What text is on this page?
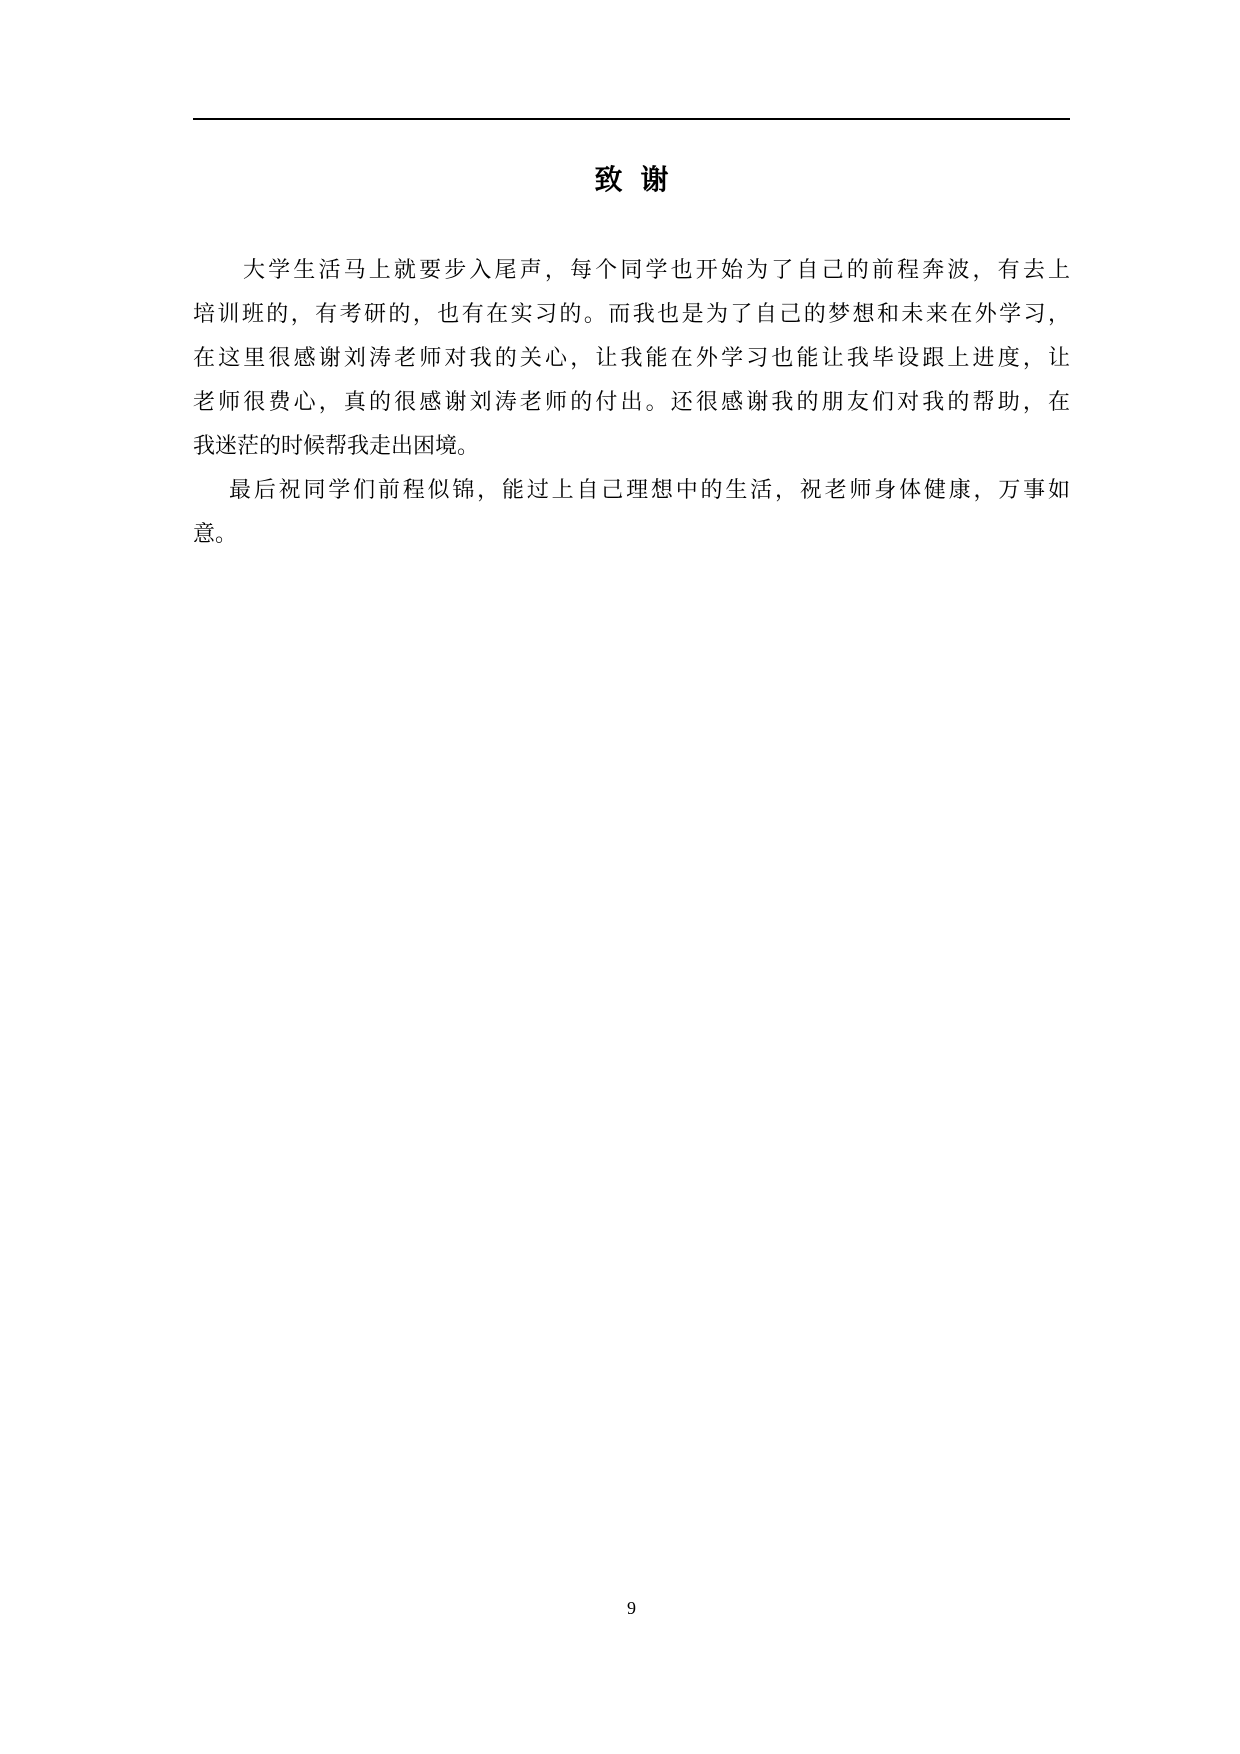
致 谢
大学生活马上就要步入尾声，每个同学也开始为了自己的前程奔波，有去上
培训班的，有考研的，也有在实习的。而我也是为了自己的梦想和未来在外学习，
在这里很感谢刘涛老师对我的关心，让我能在外学习也能让我毕设跟上进度，让
老师很费心，真的很感谢刘涛老师的付出。还很感谢我的朋友们对我的帮助，在
我迷茫的时候帮我走出困境。
最后祝同学们前程似锦，能过上自己理想中的生活，祝老师身体健康，万事如
意。
9
